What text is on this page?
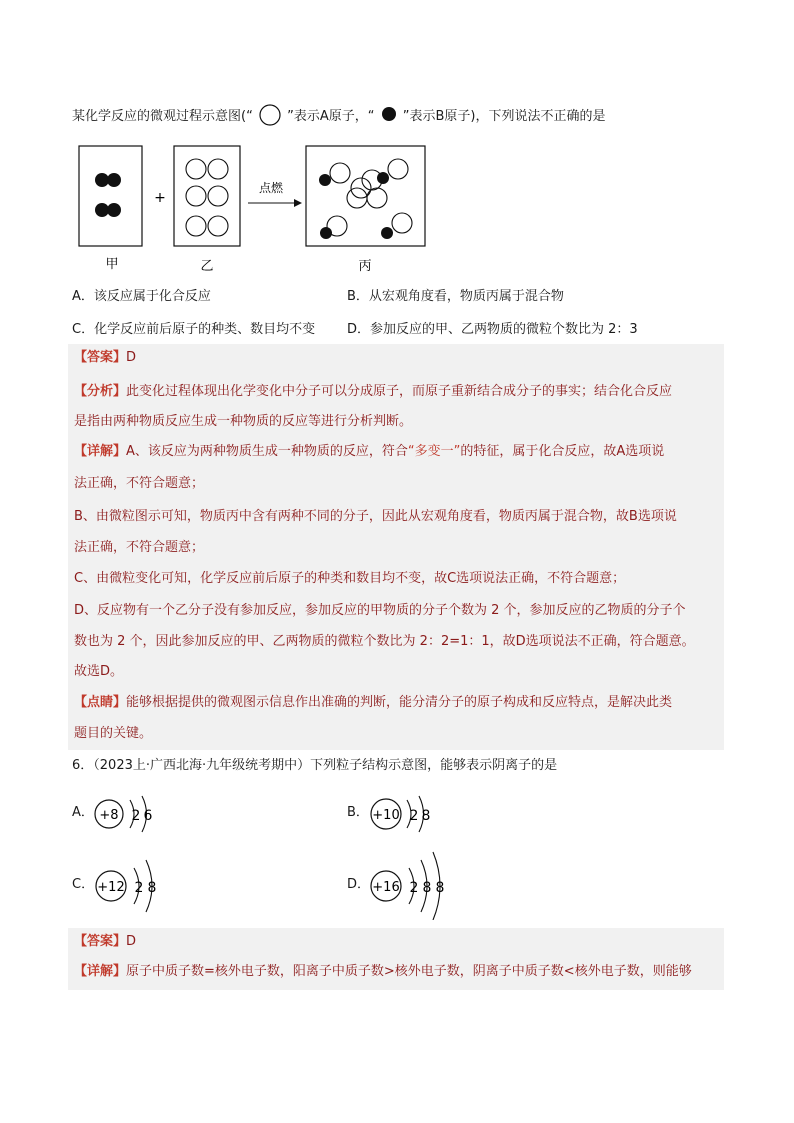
某化学反应的微观过程示意图(“	”表示A原子，“ ”表示B原子)，下列说法不正确的是
+
点燃
甲	乙	丙
A．该反应属于化合反应	B．从宏观角度看，物质丙属于混合物
C．化学反应前后原子的种类、数目均不变 D．参加反应的甲、乙两物质的微粒个数比为 2：3
【答案】D
【分析】此变化过程体现出化学变化中分子可以分成原子，而原子重新结合成分子的事实；结合化合反应
是指由两种物质反应生成一种物质的反应等进行分析判断。
【详解】A、该反应为两种物质生成一种物质的反应，符合“多变一”的特征，属于化合反应，故A选项说
法正确，不符合题意；
B、由微粒图示可知，物质丙中含有两种不同的分子，因此从宏观角度看，物质丙属于混合物，故B选项说
法正确，不符合题意；
C、由微粒变化可知，化学反应前后原子的种类和数目均不变，故C选项说法正确，不符合题意；
D、反应物有一个乙分子没有参加反应，参加反应的甲物质的分子个数为 2 个，参加反应的乙物质的分子个
数也为 2 个，因此参加反应的甲、乙两物质的微粒个数比为 2：2=1：1，故D选项说法不正确，符合题意。
故选D。
【点睛】能够根据提供的微观图示信息作出准确的判断，能分清分子的原子构成和反应特点，是解决此类
题目的关键。
6．（2023上·广西北海·九年级统考期中）下列粒子结构示意图，能够表示阴离子的是
A． +8 2 6	B． +10 2 8
C． +12 2 8	D． +16 2 8 8
【答案】D
【详解】原子中质子数=核外电子数，阳离子中质子数>核外电子数，阴离子中质子数<核外电子数，则能够
